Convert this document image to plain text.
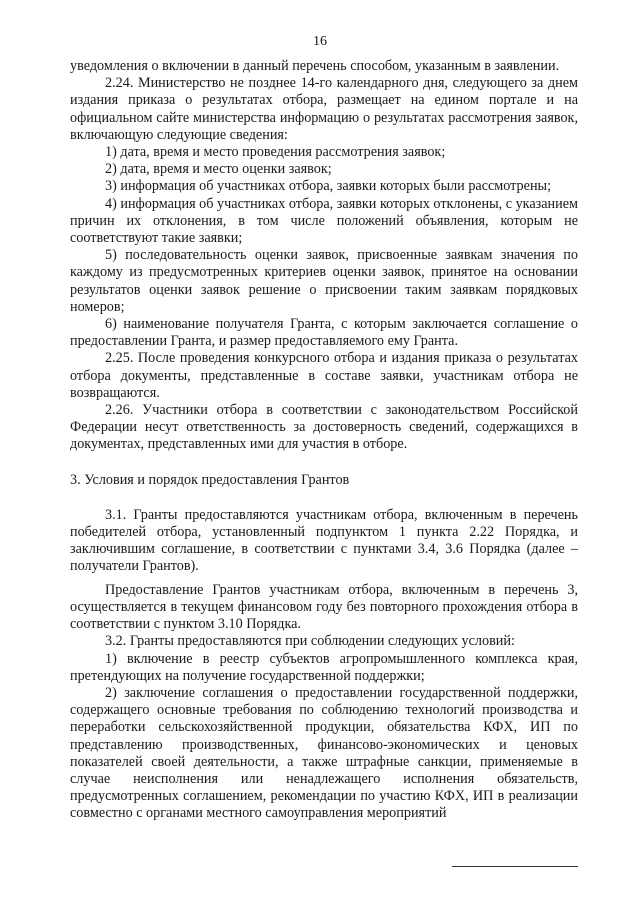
16

уведомления о включении в данный перечень способом, указанным в заявлении.

2.24. Министерство не позднее 14-го календарного дня, следующего за днем издания приказа о результатах отбора, размещает на едином портале и на официальном сайте министерства информацию о результатах рассмотрения заявок, включающую следующие сведения:

1) дата, время и место проведения рассмотрения заявок;

2) дата, время и место оценки заявок;

3) информация об участниках отбора, заявки которых были рассмотрены;

4) информация об участниках отбора, заявки которых отклонены, с указанием причин их отклонения, в том числе положений объявления, которым не соответствуют такие заявки;

5) последовательность оценки заявок, присвоенные заявкам значения по каждому из предусмотренных критериев оценки заявок, принятое на основании результатов оценки заявок решение о присвоении таким заявкам порядковых номеров;

6) наименование получателя Гранта, с которым заключается соглашение о предоставлении Гранта, и размер предоставляемого ему Гранта.

2.25. После проведения конкурсного отбора и издания приказа о результатах отбора документы, представленные в составе заявки, участникам отбора не возвращаются.

2.26. Участники отбора в соответствии с законодательством Российской Федерации несут ответственность за достоверность сведений, содержащихся в документах, представленных ими для участия в отборе.

3. Условия и порядок предоставления Грантов

3.1. Гранты предоставляются участникам отбора, включенным в перечень победителей отбора, установленный подпунктом 1 пункта 2.22 Порядка, и заключившим соглашение, в соответствии с пунктами 3.4, 3.6 Порядка (далее – получатели Грантов).

Предоставление Грантов участникам отбора, включенным в перечень 3, осуществляется в текущем финансовом году без повторного прохождения отбора в соответствии с пунктом 3.10 Порядка.

3.2. Гранты предоставляются при соблюдении следующих условий:

1) включение в реестр субъектов агропромышленного комплекса края, претендующих на получение государственной поддержки;

2) заключение соглашения о предоставлении государственной поддержки, содержащего основные требования по соблюдению технологий производства и переработки сельскохозяйственной продукции, обязательства КФХ, ИП по представлению производственных, финансово-экономических и ценовых показателей своей деятельности, а также штрафные санкции, применяемые в случае неисполнения или ненадлежащего исполнения обязательств, предусмотренных соглашением, рекомендации по участию КФХ, ИП в реализации совместно с органами местного самоуправления мероприятий
